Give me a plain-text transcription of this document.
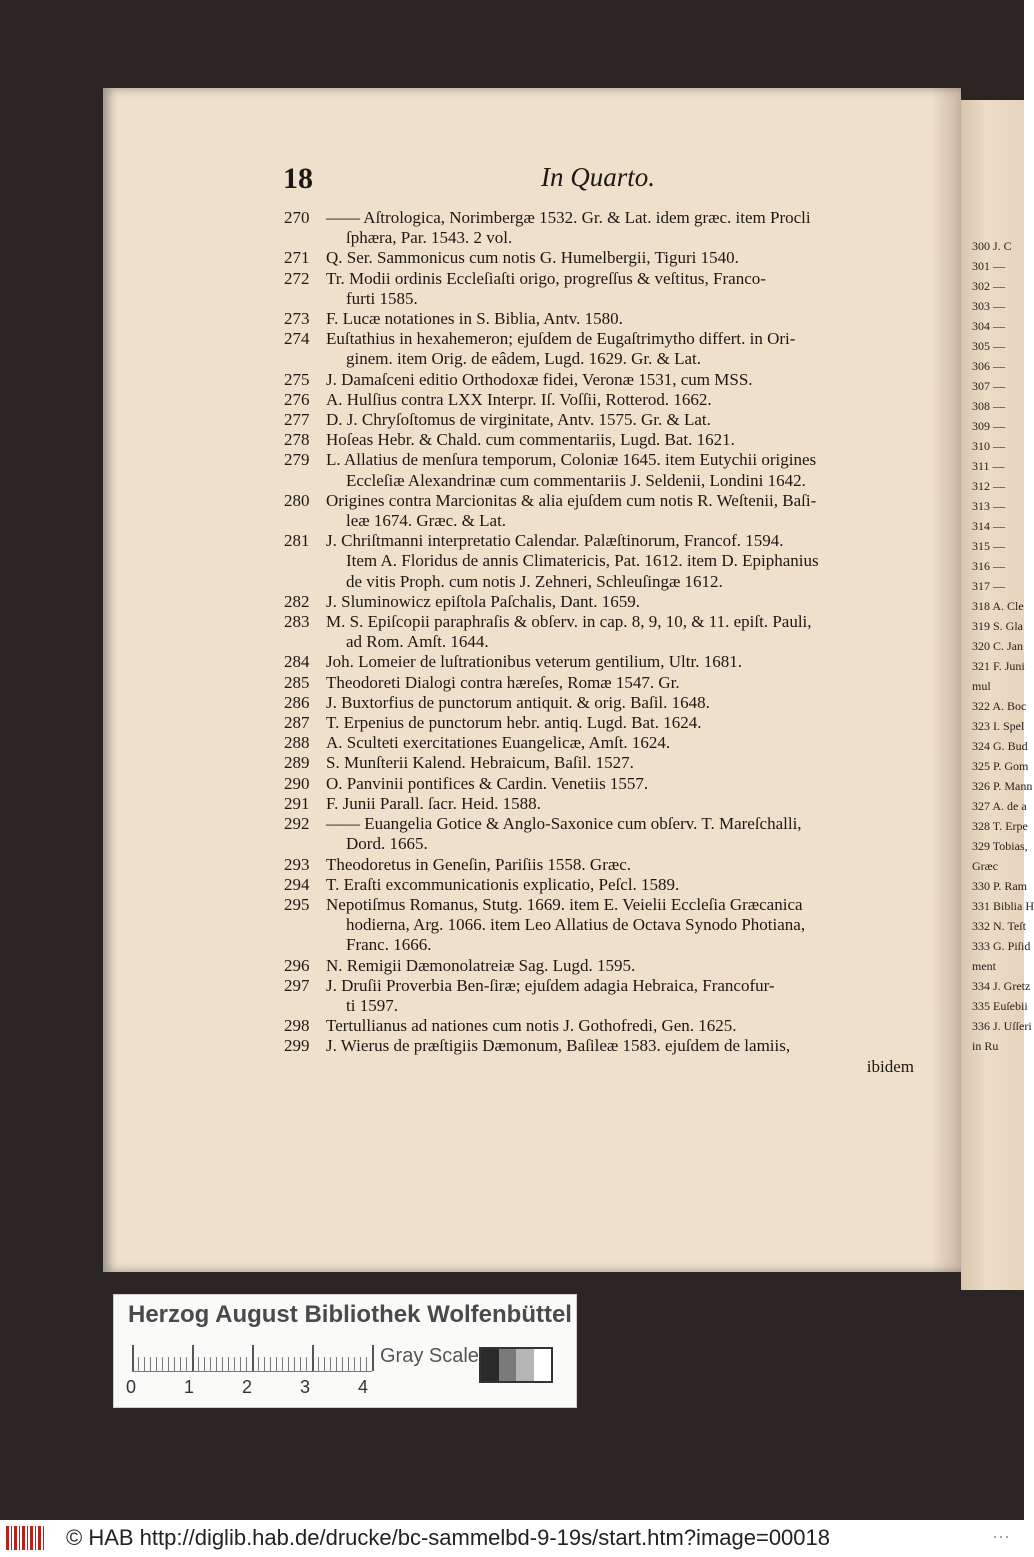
300 J. C
301 —
302 —
303 —
304 —
305 —
306 —
307 —
308 —
309 —
310 —
311 —
312 —
313 —
314 —
315 —
316 —
317 —
318 A. Cle
319 S. Gla
320 C. Jan
321 F. Juni
mul
322 A. Boc
323 I. Spel
324 G. Bud
325 P. Gom
326 P. Mann
327 A. de a
328 T. Erpe
329 Tobias,
Græc
330 P. Ram
331 Biblia H
332 N. Teſt
333 G. Piſid
ment
334 J. Gretz
335 Euſebii
336 J. Uſſeri
in Ru
18	In Quarto.
270 —— Aſtrologica, Norimbergæ 1532. Gr. & Lat. idem græc. item Procli
ſphæra, Par. 1543. 2 vol.
271 Q. Ser. Sammonicus cum notis G. Humelbergii, Tiguri 1540.
272 Tr. Modii ordinis Eccleſiaſti origo, progreſſus & veſtitus, Franco-
furti 1585.
273 F. Lucæ notationes in S. Biblia, Antv. 1580.
274 Euſtathius in hexahemeron; ejuſdem de Eugaſtrimytho differt. in Ori-
ginem. item Orig. de eâdem, Lugd. 1629. Gr. & Lat.
275 J. Damaſceni editio Orthodoxæ fidei, Veronæ 1531, cum MSS.
276 A. Hulſius contra LXX Interpr. Iſ. Voſſii, Rotterod. 1662.
277 D. J. Chryſoſtomus de virginitate, Antv. 1575. Gr. & Lat.
278 Hoſeas Hebr. & Chald. cum commentariis, Lugd. Bat. 1621.
279 L. Allatius de menſura temporum, Coloniæ 1645. item Eutychii origines
Eccleſiæ Alexandrinæ cum commentariis J. Seldenii, Londini 1642.
280 Origines contra Marcionitas & alia ejuſdem cum notis R. Weſtenii, Baſi-
leæ 1674. Græc. & Lat.
281 J. Chriſtmanni interpretatio Calendar. Palæſtinorum, Francof. 1594.
Item A. Floridus de annis Climatericis, Pat. 1612. item D. Epiphanius
de vitis Proph. cum notis J. Zehneri, Schleuſingæ 1612.
282 J. Sluminowicz epiſtola Paſchalis, Dant. 1659.
283 M. S. Epiſcopii paraphraſis & obſerv. in cap. 8, 9, 10, & 11. epiſt. Pauli,
ad Rom. Amſt. 1644.
284 Joh. Lomeier de luſtrationibus veterum gentilium, Ultr. 1681.
285 Theodoreti Dialogi contra hæreſes, Romæ 1547. Gr.
286 J. Buxtorfius de punctorum antiquit. & orig. Baſil. 1648.
287 T. Erpenius de punctorum hebr. antiq. Lugd. Bat. 1624.
288 A. Sculteti exercitationes Euangelicæ, Amſt. 1624.
289 S. Munſterii Kalend. Hebraicum, Baſil. 1527.
290 O. Panvinii pontifices & Cardin. Venetiis 1557.
291 F. Junii Parall. ſacr. Heid. 1588.
292 —— Euangelia Gotice & Anglo-Saxonice cum obſerv. T. Mareſchalli,
Dord. 1665.
293 Theodoretus in Geneſin, Pariſiis 1558. Græc.
294 T. Eraſti excommunicationis explicatio, Peſcl. 1589.
295 Nepotiſmus Romanus, Stutg. 1669. item E. Veielii Eccleſia Græcanica
hodierna, Arg. 1066. item Leo Allatius de Octava Synodo Photiana,
Franc. 1666.
296 N. Remigii Dæmonolatreiæ Sag. Lugd. 1595.
297 J. Druſii Proverbia Ben-ſiræ; ejuſdem adagia Hebraica, Francofur-
ti 1597.
298 Tertullianus ad nationes cum notis J. Gothofredi, Gen. 1625.
299 J. Wierus de præſtigiis Dæmonum, Baſileæ 1583. ejuſdem de lamiis,
ibidem
Herzog August Bibliothek Wolfenbüttel
0	1	2	3	4
Gray Scale
© HAB http://diglib.hab.de/drucke/bc-sammelbd-9-19s/start.htm?image=00018	···
